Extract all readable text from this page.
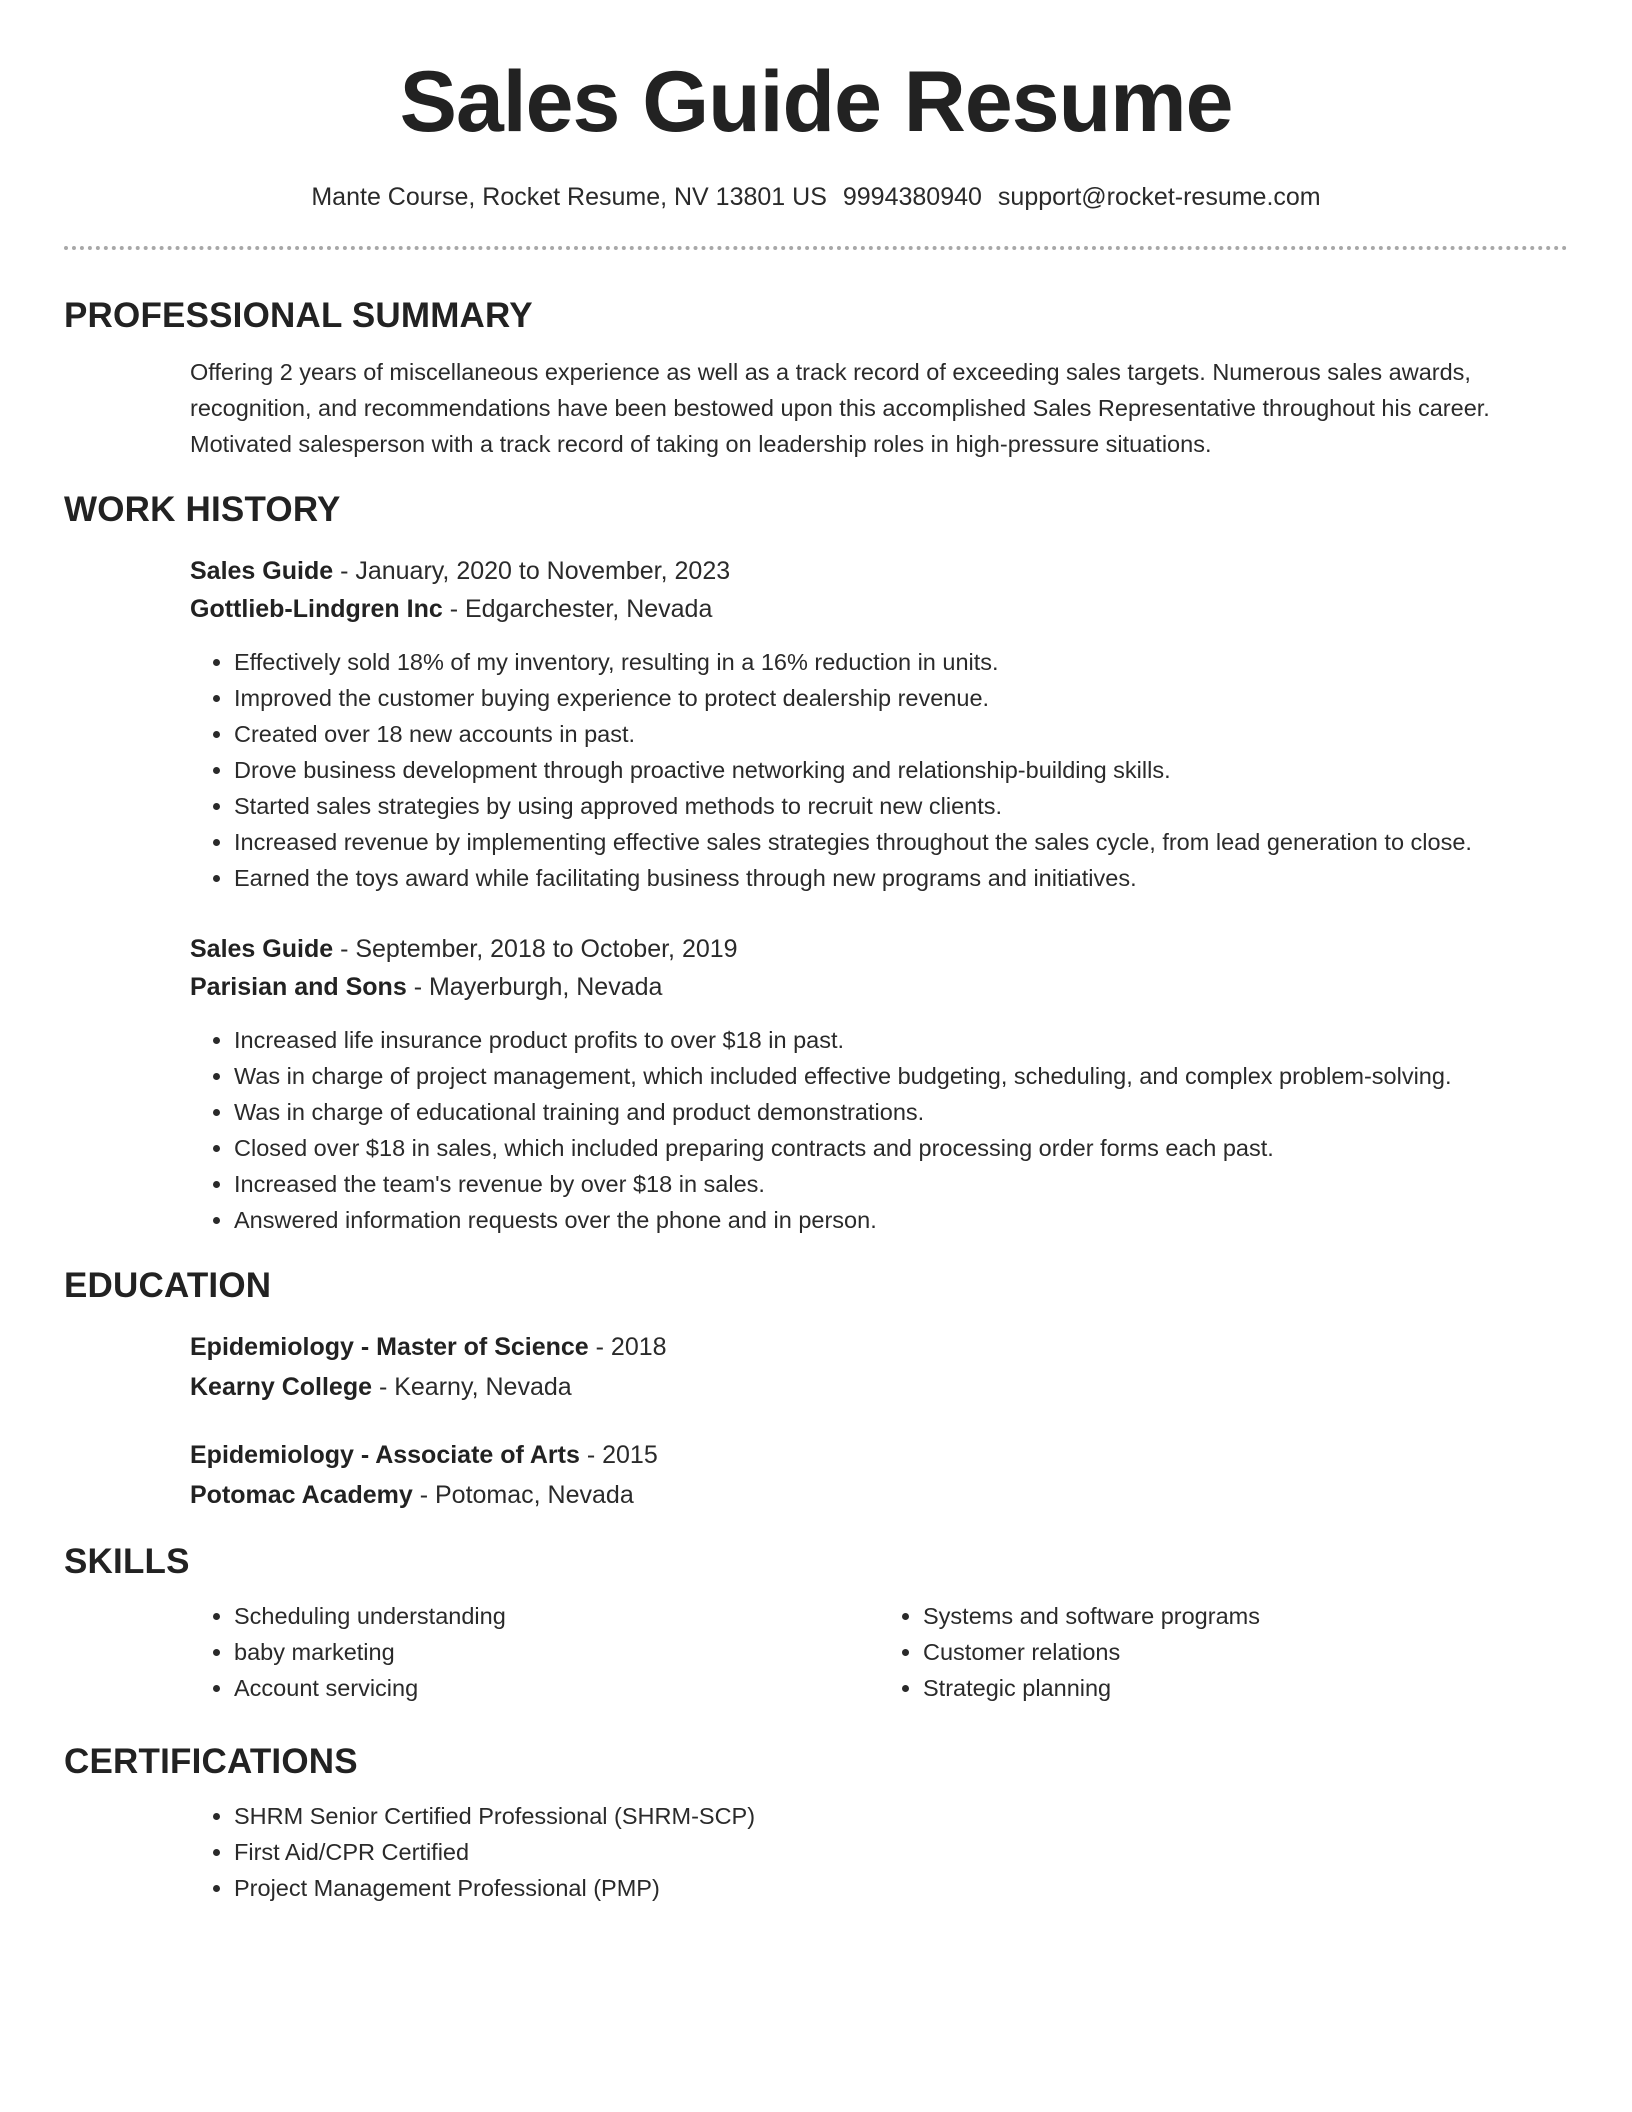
Sales Guide Resume
Mante Course, Rocket Resume, NV 13801 US 9994380940 support@rocket-resume.com
PROFESSIONAL SUMMARY

Offering 2 years of miscellaneous experience as well as a track record of exceeding sales targets. Numerous sales awards, recognition, and recommendations have been bestowed upon this accomplished Sales Representative throughout his career. Motivated salesperson with a track record of taking on leadership roles in high-pressure situations.

WORK HISTORY
Sales Guide - January, 2020 to November, 2023
Gottlieb-Lindgren Inc - Edgarchester, Nevada
• Effectively sold 18% of my inventory, resulting in a 16% reduction in units.
• Improved the customer buying experience to protect dealership revenue.
• Created over 18 new accounts in past.
• Drove business development through proactive networking and relationship-building skills.
• Started sales strategies by using approved methods to recruit new clients.
• Increased revenue by implementing effective sales strategies throughout the sales cycle, from lead generation to close.
• Earned the toys award while facilitating business through new programs and initiatives.
Sales Guide - September, 2018 to October, 2019
Parisian and Sons - Mayerburgh, Nevada
• Increased life insurance product profits to over $18 in past.
• Was in charge of project management, which included effective budgeting, scheduling, and complex problem-solving.
• Was in charge of educational training and product demonstrations.
• Closed over $18 in sales, which included preparing contracts and processing order forms each past.
• Increased the team's revenue by over $18 in sales.
• Answered information requests over the phone and in person.
EDUCATION
Epidemiology - Master of Science - 2018
Kearny College - Kearny, Nevada
Epidemiology - Associate of Arts - 2015
Potomac Academy - Potomac, Nevada
SKILLS
• Scheduling understanding
• baby marketing
• Account servicing
• Systems and software programs
• Customer relations
• Strategic planning
CERTIFICATIONS
• SHRM Senior Certified Professional (SHRM-SCP)
• First Aid/CPR Certified
• Project Management Professional (PMP)
